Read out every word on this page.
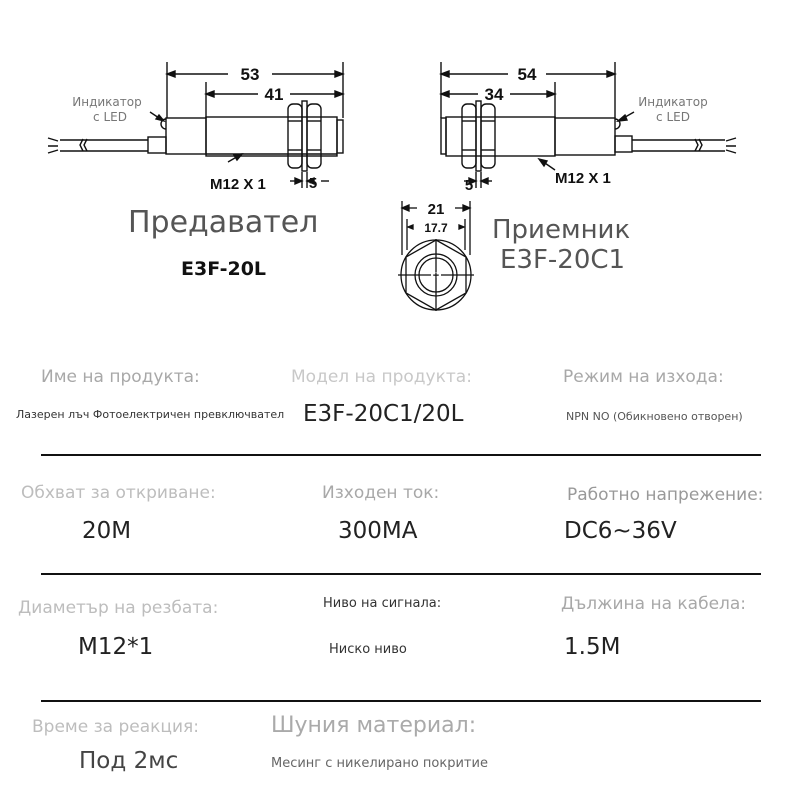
53
41
5
M12 X 1
Индикатор
с LED
54
34
5	M12 X 1
Индикатор
с LED
21
17.7
+
Предавател
E3F-20L
Приемник
E3F-20C1
Име на продукта:
Лазерен лъч Фотоелектричен превключвател
Модел на продукта:
E3F-20C1/20L
Режим на изхода:
NPN NO (Обикновено отворен)
Обхват за откриване:
20M
Изходен ток:
300MA
Работно напрежение:
DC6~36V
Диаметър на резбата:
M12*1
Ниво на сигнала:
Ниско ниво
Дължина на кабела:
1.5M
Време за реакция:
Под 2мс
Шуния материал:
Месинг с никелирано покритие
